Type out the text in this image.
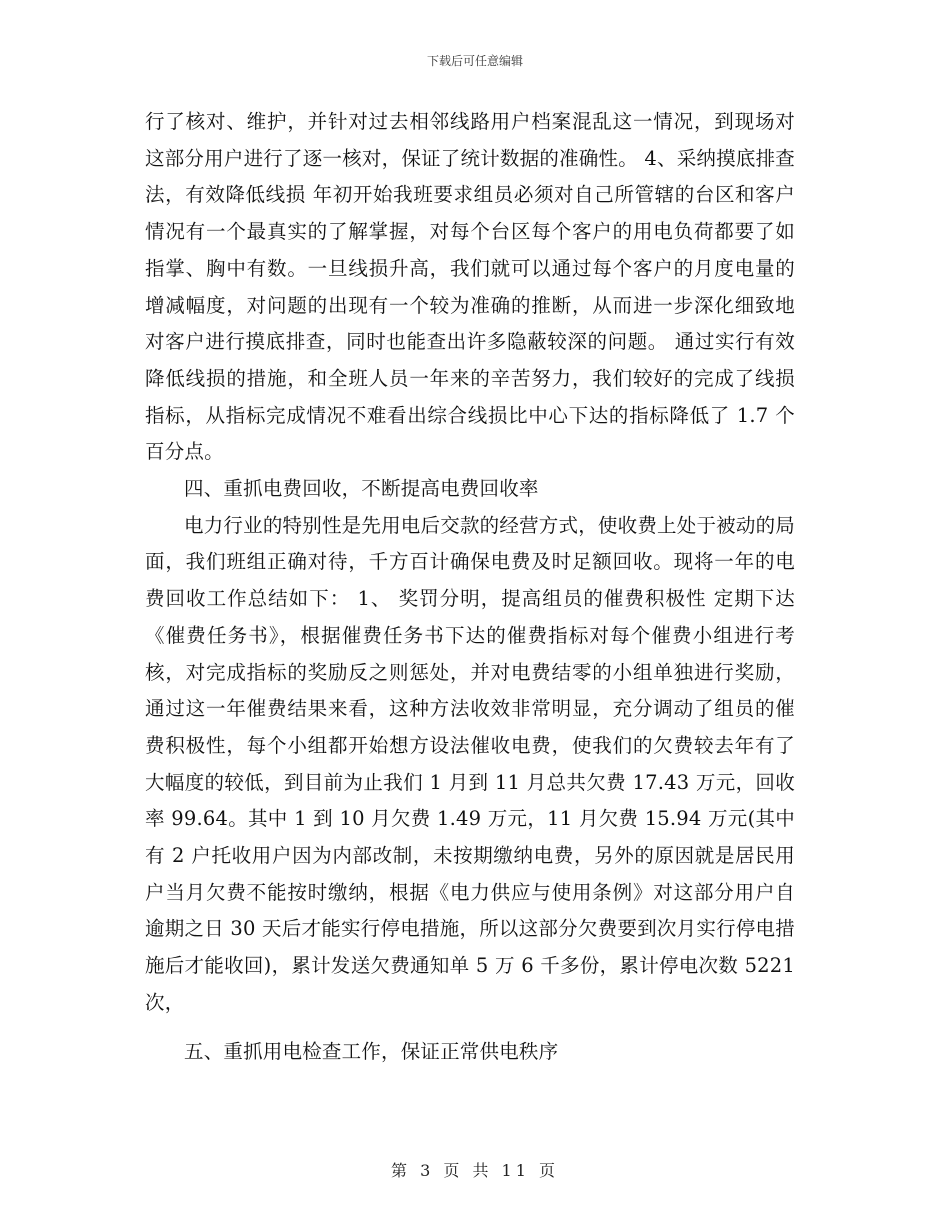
下载后可任意编辑

行了核对、维护，并针对过去相邻线路用户档案混乱这一情况，到现场对这部分用户进行了逐一核对，保证了统计数据的准确性。 4、采纳摸底排查法，有效降低线损 年初开始我班要求组员必须对自己所管辖的台区和客户情况有一个最真实的了解掌握，对每个台区每个客户的用电负荷都要了如指掌、胸中有数。一旦线损升高，我们就可以通过每个客户的月度电量的增减幅度，对问题的出现有一个较为准确的推断，从而进一步深化细致地对客户进行摸底排查，同时也能查出许多隐蔽较深的问题。 通过实行有效降低线损的措施，和全班人员一年来的辛苦努力，我们较好的完成了线损指标，从指标完成情况不难看出综合线损比中心下达的指标降低了 1.7 个 百分点。

四、重抓电费回收，不断提高电费回收率

电力行业的特别性是先用电后交款的经营方式，使收费上处于被动的局面，我们班组正确对待，千方百计确保电费及时足额回收。现将一年的电费回收工作总结如下： 1、 奖罚分明，提高组员的催费积极性 定期下达《催费任务书》，根据催费任务书下达的催费指标对每个催费小组进行考核，对完成指标的奖励反之则惩处，并对电费结零的小组单独进行奖励，通过这一年催费结果来看，这种方法收效非常明显，充分调动了组员的催费积极性，每个小组都开始想方设法催收电费，使我们的欠费较去年有了大幅度的较低，到目前为止我们 1 月到 11 月总共欠费 17.43 万元，回收率 99.64。其中 1 到 10 月欠费 1.49 万元，11 月欠费 15.94 万元(其中有 2 户托收用户因为内部改制，未按期缴纳电费，另外的原因就是居民用户当月欠费不能按时缴纳，根据《电力供应与使用条例》对这部分用户自逾期之日 30 天后才能实行停电措施，所以这部分欠费要到次月实行停电措施后才能收回)，累计发送欠费通知单 5 万 6 千多份，累计停电次数 5221 次，

五、重抓用电检查工作，保证正常供电秩序

第 3 页 共 11 页
